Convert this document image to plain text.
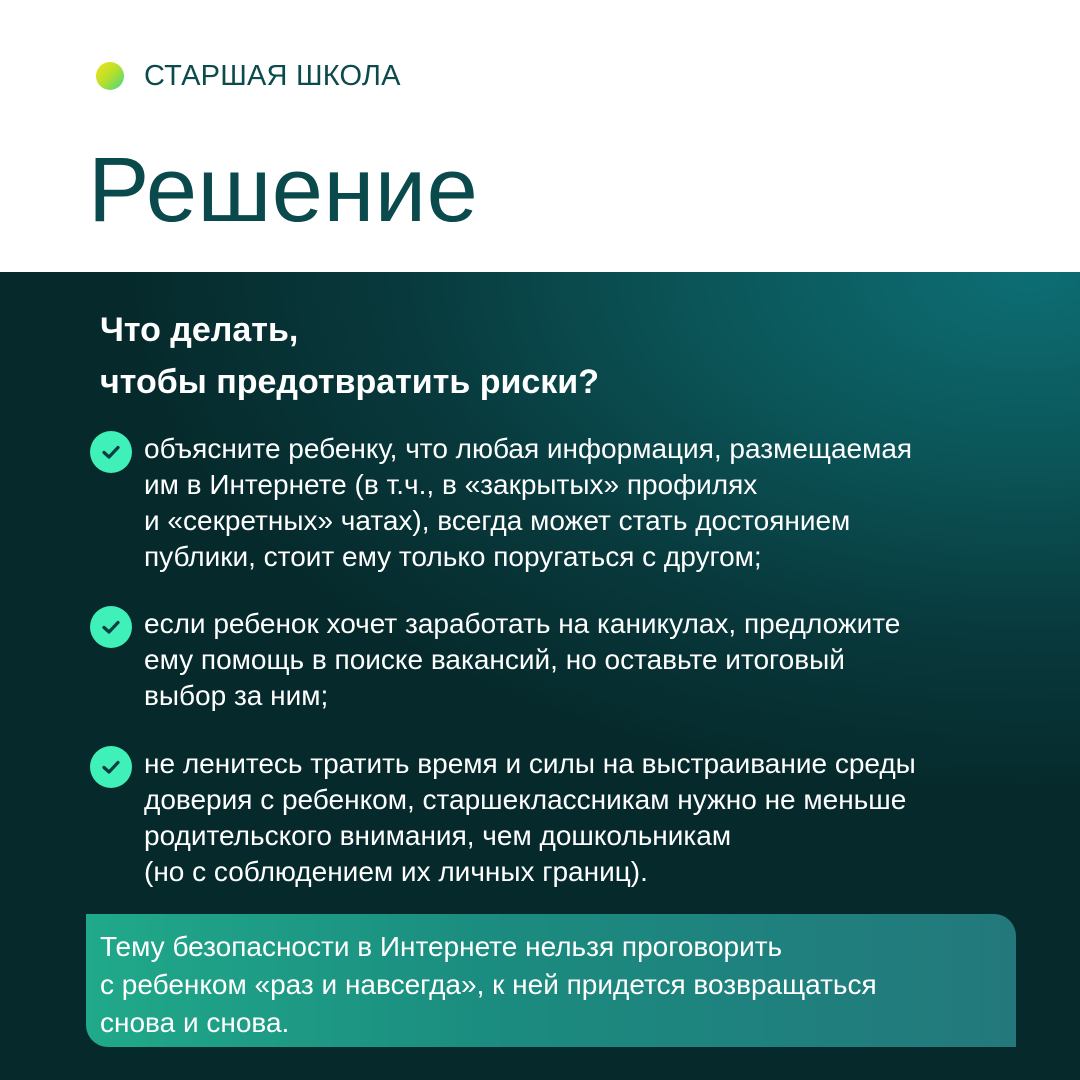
СТАРШАЯ ШКОЛА
Решение

Что делать,
чтобы предотвратить риски?

объясните ребенку, что любая информация, размещаемая
им в Интернете (в т.ч., в «закрытых» профилях
и «секретных» чатах), всегда может стать достоянием
публики, стоит ему только поругаться с другом;
если ребенок хочет заработать на каникулах, предложите
ему помощь в поиске вакансий, но оставьте итоговый
выбор за ним;
не ленитесь тратить время и силы на выстраивание среды
доверия с ребенком, старшеклассникам нужно не меньше
родительского внимания, чем дошкольникам
(но с соблюдением их личных границ).

Тему безопасности в Интернете нельзя проговорить
с ребенком «раз и навсегда», к ней придется возвращаться
снова и снова.
